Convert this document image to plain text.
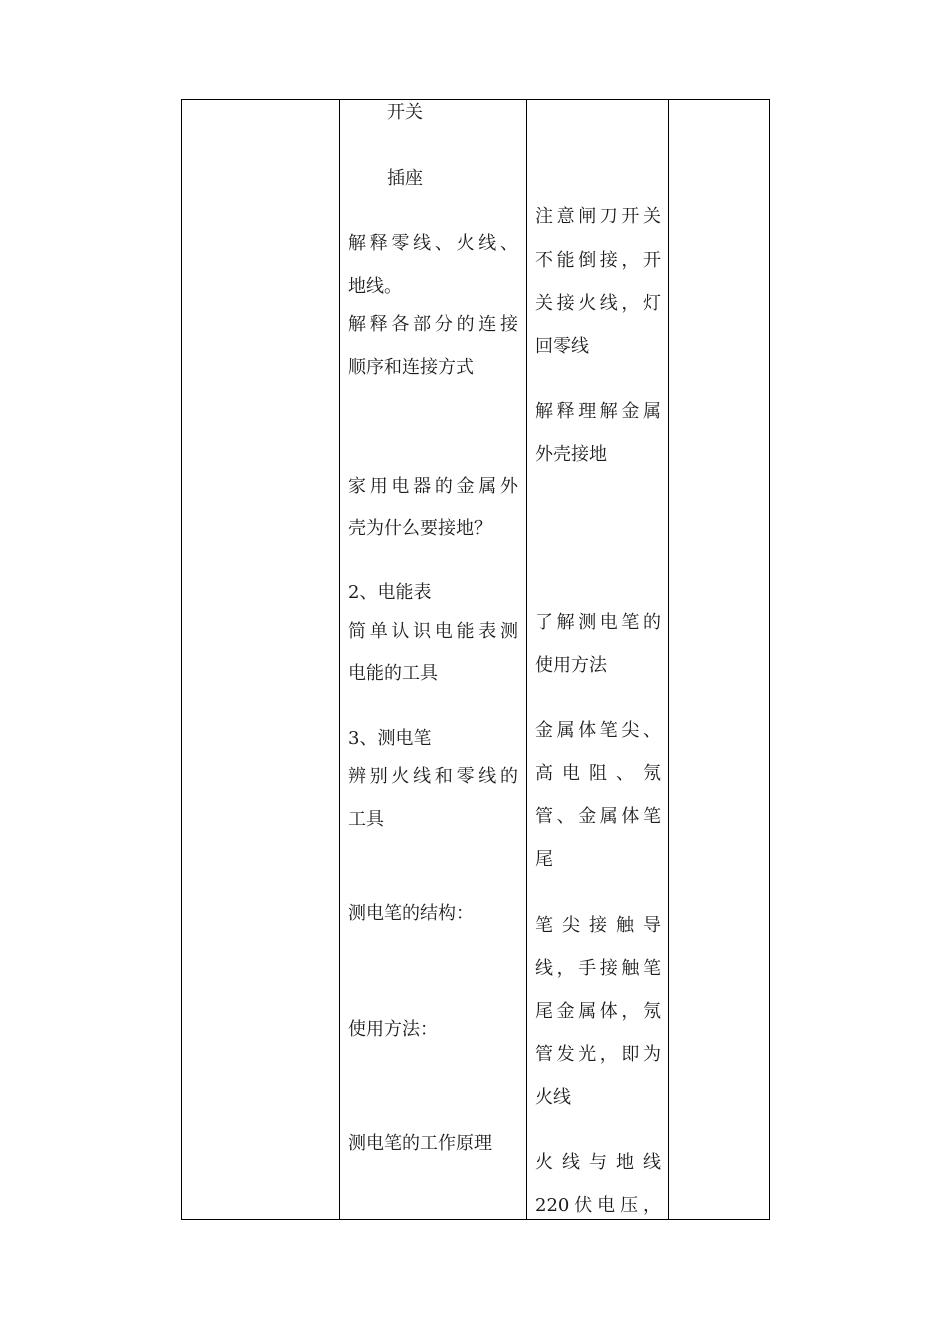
开关
插座
解释零线、火线、
地线。
解释各部分的连接
顺序和连接方式
家用电器的金属外
壳为什么要接地？
2、电能表
简单认识电能表测
电能的工具
3、测电笔
辨别火线和零线的
工具
测电笔的结构：
使用方法：
测电笔的工作原理
注意闸刀开关
不能倒接，开
关接火线，灯
回零线
解释理解金属
外壳接地
了解测电笔的
使用方法
金属体笔尖、
高电阻、氖
管、金属体笔
尾
笔尖接触导
线，手接触笔
尾金属体，氖
管发光，即为
火线
火线与地线
220伏电压，
